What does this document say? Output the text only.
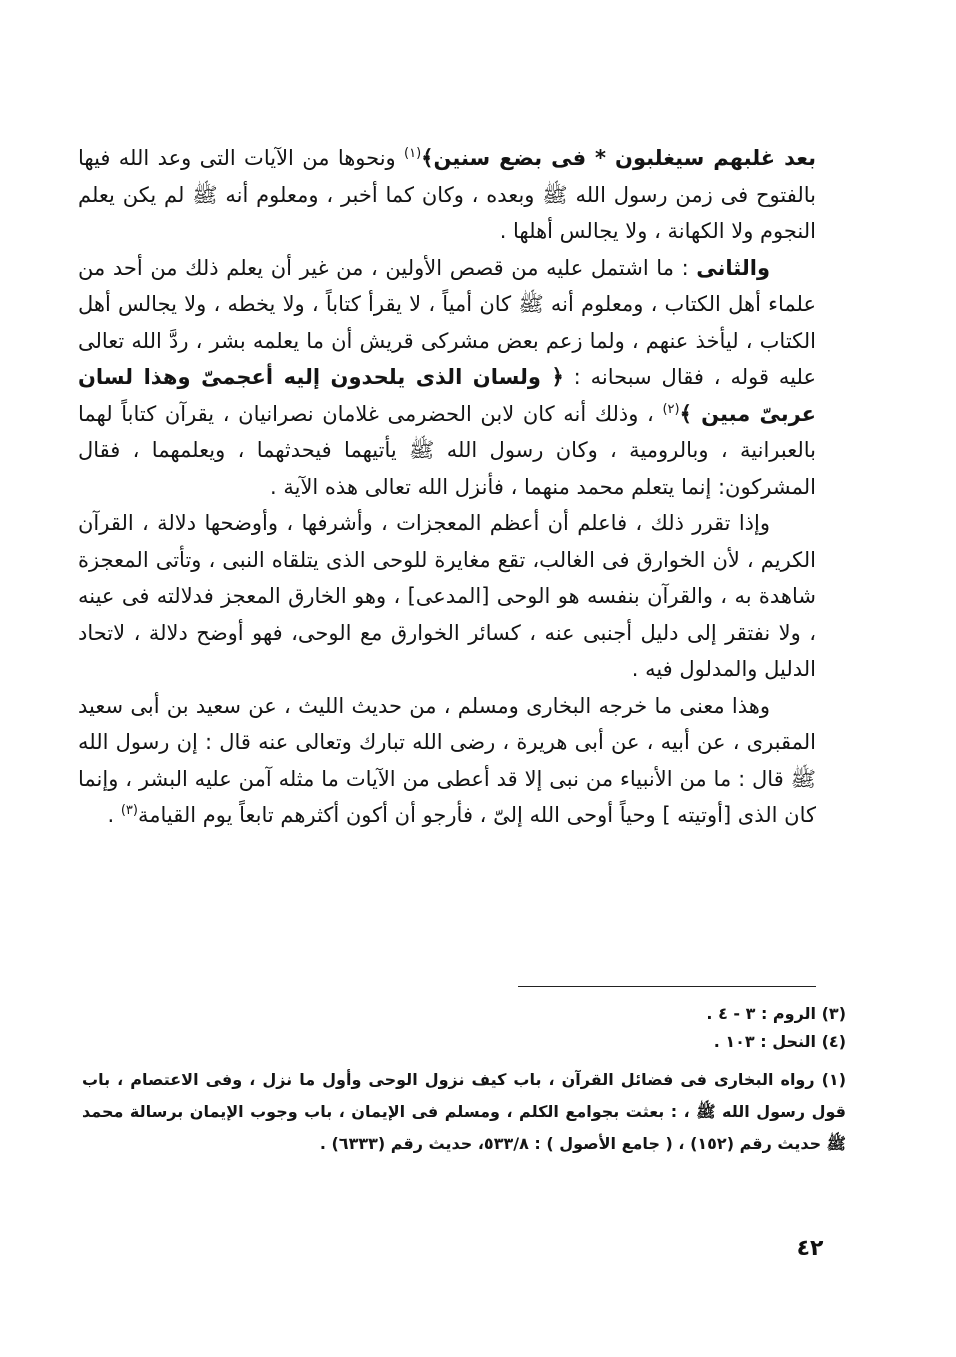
بعد غلبهم سيغلبون * فى بضع سنين﴾$^{(١)}$ ونحوها من الآيات التى وعد الله فيها بالفتوح فى زمن رسول الله ﷺ وبعده ، وكان كما أخبر ، ومعلوم أنه ﷺ لم يكن يعلم النجوم ولا الكهانة ، ولا يجالس أهلها .

والثانى : ما اشتمل عليه من قصص الأولين ، من غير أن يعلم ذلك من أحد من علماء أهل الكتاب ، ومعلوم أنه ﷺ كان أمياً ، لا يقرأ كتاباً ، ولا يخطه ، ولا يجالس أهل الكتاب ، ليأخذ عنهم ، ولما زعم بعض مشركى قريش أن ما يعلمه بشر ، ردَّ الله تعالى عليه قوله ، فقال سبحانه : ﴿ ولسان الذى يلحدون إليه أعجمىّ وهذا لسان عربىّ مبين ﴾$^{(٢)}$ ، وذلك أنه كان لابن الحضرمى غلامان نصرانيان ، يقرآن كتاباً لهما بالعبرانية ، وبالرومية ، وكان رسول الله ﷺ يأتيهما فيحدثهما ، ويعلمهما ، فقال المشركون: إنما يتعلم محمد منهما ، فأنزل الله تعالى هذه الآية .

وإذا تقرر ذلك ، فاعلم أن أعظم المعجزات ، وأشرفها ، وأوضحها دلالة ، القرآن الكريم ، لأن الخوارق فى الغالب، تقع مغايرة للوحى الذى يتلقاه النبى ، وتأتى المعجزة شاهدة به ، والقرآن بنفسه هو الوحى [المدعى] ، وهو الخارق المعجز فدلالته فى عينه ، ولا نفتقر إلى دليل أجنبى عنه ، كسائر الخوارق مع الوحى، فهو أوضح دلالة ، لاتحاد الدليل والمدلول فيه .

وهذا معنى ما خرجه البخارى ومسلم ، من حديث الليث ، عن سعيد بن أبى سعيد المقبرى ، عن أبيه ، عن أبى هريرة ، رضى الله تبارك وتعالى عنه قال : إن رسول الله ﷺ قال : ما من الأنبياء من نبى إلا قد أعطى من الآيات ما مثله آمن عليه البشر ، وإنما كان الذى [أوتيته ] وحياً أوحى الله إلىّ ، فأرجو أن أكون أكثرهم تابعاً يوم القيامة$^{(٣)}$ .

(٣) الروم : ٣ - ٤ .

(٤) النحل : ١٠٣ .

(١) رواه البخارى فى فضائل القرآن ، باب كيف نزول الوحى وأول ما نزل ، وفى الاعتصام ، باب قول رسول الله ﷺ ، : بعثت بجوامع الكلم ، ومسلم فى الإيمان ، باب وجوب الإيمان برسالة محمد ﷺ حديث رقم (١٥٢) ، ( جامع الأصول ) : ٥٣٣/٨، حديث رقم (٦٣٣٣) .

٤٢
